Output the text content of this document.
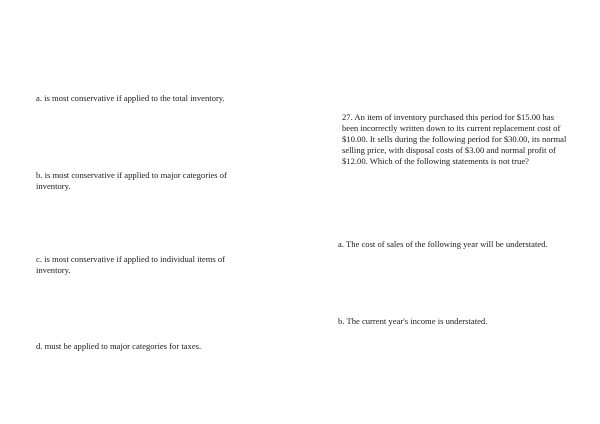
a. is most conservative if applied to the total inventory.

b. is most conservative if applied to major categories of inventory.

c. is most conservative if applied to individual items of inventory.

d. must be applied to major categories for taxes.

27. An item of inventory purchased this period for $15.00 has been incorrectly written down to its current replacement cost of $10.00. It sells during the following period for $30.00, its normal selling price, with disposal costs of $3.00 and normal profit of $12.00. Which of the following statements is not true?

a. The cost of sales of the following year will be understated.

b. The current year's income is understated.
